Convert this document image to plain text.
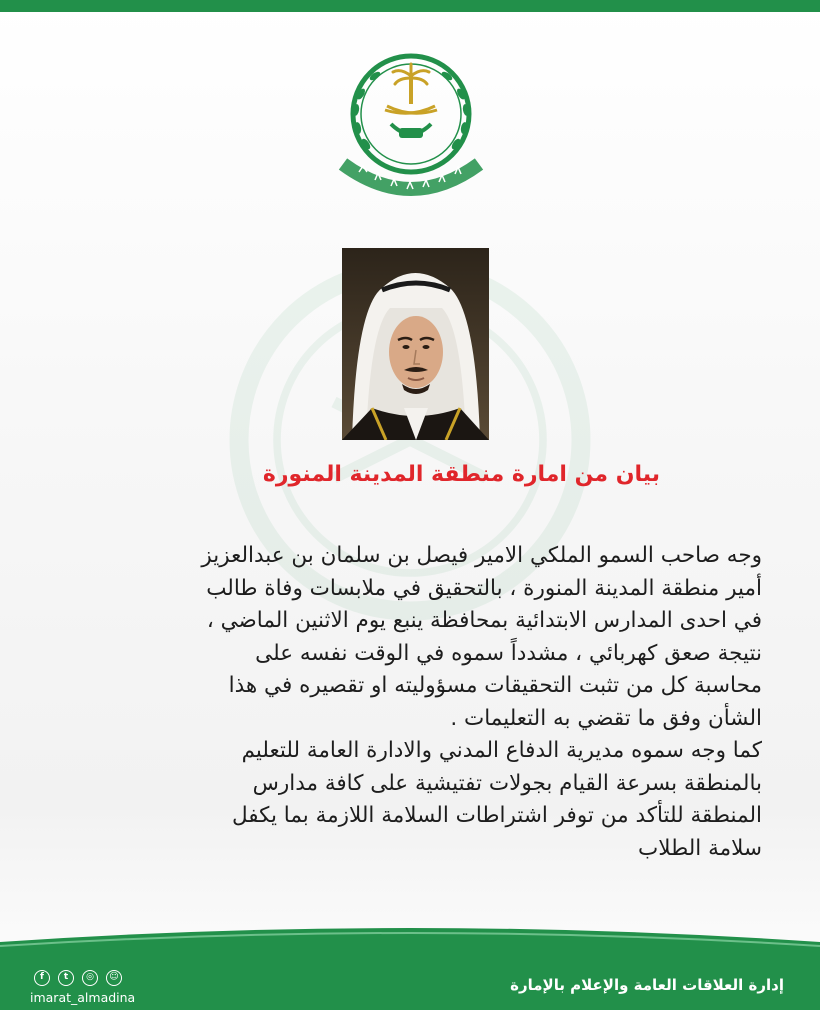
بيان من امارة منطقة المدينة المنورة

وجه صاحب السمو الملكي الامير فيصل بن سلمان بن عبدالعزيز

أمير منطقة المدينة المنورة ، بالتحقيق في ملابسات وفاة طالب

في احدى المدارس الابتدائية بمحافظة ينبع يوم الاثنين الماضي ،

نتيجة صعق كهربائي ، مشدداً سموه في الوقت نفسه على

محاسبة كل من تثبت التحقيقات مسؤوليته او تقصيره في هذا

الشأن وفق ما تقضي به التعليمات .

كما وجه سموه مديرية الدفاع المدني والادارة العامة للتعليم

بالمنطقة بسرعة القيام بجولات تفتيشية على كافة مدارس

المنطقة للتأكد من توفر اشتراطات السلامة اللازمة بما يكفل

سلامة الطلاب

f	t	◎	☺
imarat_almadina
إدارة العلاقات العامة والإعلام بالإمارة
